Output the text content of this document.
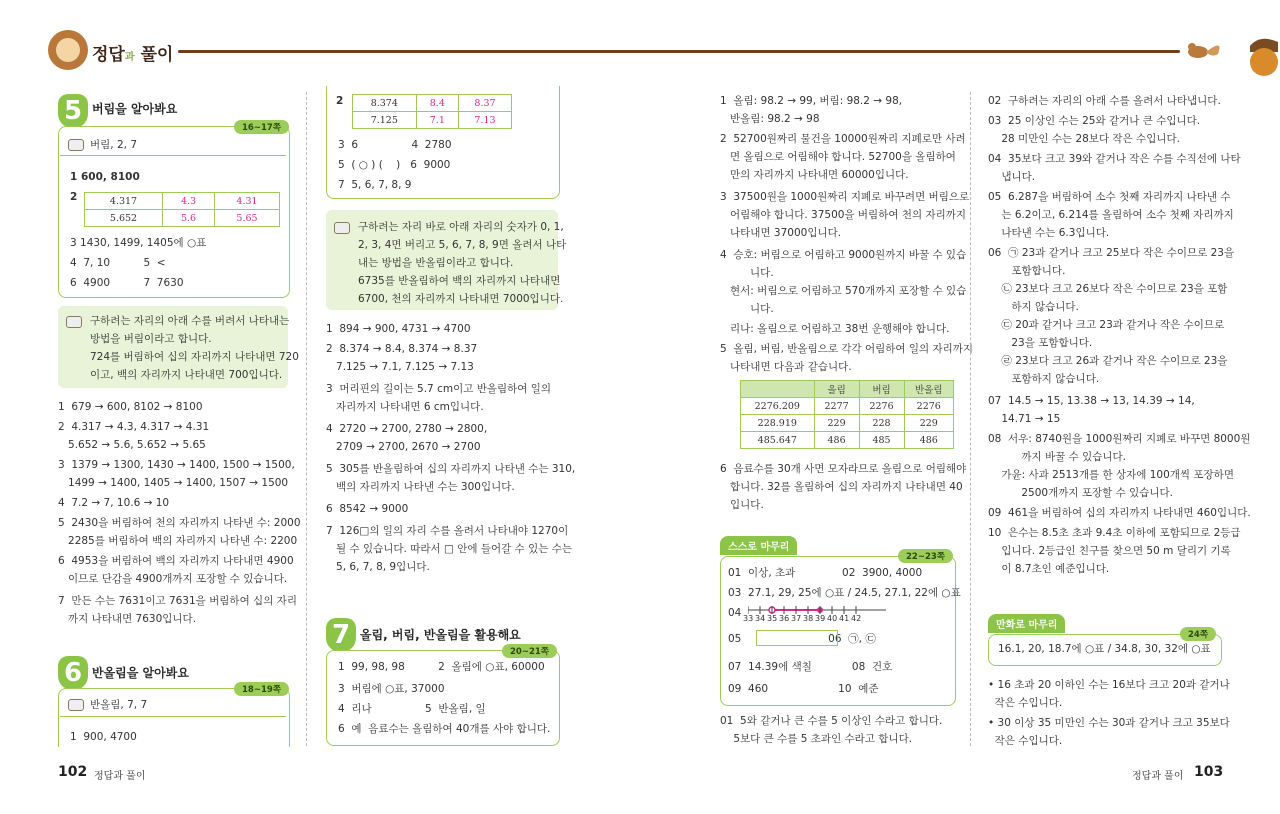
정답과 풀이
5 버림을 알아봐요
16~17쪽
버림, 2, 7
1 600, 8100
2	4.317	4.3	4.31
5.652	5.6	5.65
3 1430, 1499, 1405에 ○표
4  7, 10          5  <
6  4900          7  7630
구하려는 자리의 아래 수를 버려서 나타내는
방법을 버림이라고 합니다.
724를 버림하여 십의 자리까지 나타내면 720
이고, 백의 자리까지 나타내면 700입니다.
1  679 → 600, 8102 → 8100
2  4.317 → 4.3, 4.317 → 4.31
5.652 → 5.6, 5.652 → 5.65
3  1379 → 1300, 1430 → 1400, 1500 → 1500,
1499 → 1400, 1405 → 1400, 1507 → 1500
4  7.2 → 7, 10.6 → 10
5  2430을 버림하여 천의 자리까지 나타낸 수: 2000
2285를 버림하여 백의 자리까지 나타낸 수: 2200
6  4953을 버림하여 백의 자리까지 나타내면 4900
이므로 단감을 4900개까지 포장할 수 있습니다.
7  만든 수는 7631이고 7631을 버림하여 십의 자리
까지 나타내면 7630입니다.
6 반올림을 알아봐요
18~19쪽
반올림, 7, 7
1  900, 4700
2	8.374	8.4	8.37
7.125	7.1	7.13
3  6                4  2780
5  ( ○ ) (    )   6  9000
7  5, 6, 7, 8, 9
구하려는 자리 바로 아래 자리의 숫자가 0, 1,
2, 3, 4면 버리고 5, 6, 7, 8, 9면 올려서 나타
내는 방법을 반올림이라고 합니다.
6735를 반올림하여 백의 자리까지 나타내면
6700, 천의 자리까지 나타내면 7000입니다.
1  894 → 900, 4731 → 4700
2  8.374 → 8.4, 8.374 → 8.37
7.125 → 7.1, 7.125 → 7.13
3  머리핀의 길이는 5.7 cm이고 반올림하여 일의
자리까지 나타내면 6 cm입니다.
4  2720 → 2700, 2780 → 2800,
2709 → 2700, 2670 → 2700
5  305를 반올림하여 십의 자리까지 나타낸 수는 310,
백의 자리까지 나타낸 수는 300입니다.
6  8542 → 9000
7  126□의 일의 자리 수를 올려서 나타내야 1270이
될 수 있습니다. 따라서 □ 안에 들어갈 수 있는 수는
5, 6, 7, 8, 9입니다.
7 올림, 버림, 반올림을 활용해요
20~21쪽
1  99, 98, 98          2  올림에 ○표, 60000
3  버림에 ○표, 37000
4  리나                5  반올림, 일
6  예  음료수는 올림하여 40개를 사야 합니다.
1  올림: 98.2 → 99, 버림: 98.2 → 98,
반올림: 98.2 → 98
2  52700원짜리 물건을 10000원짜리 지폐로만 사려
면 올림으로 어림해야 합니다. 52700을 올림하여
만의 자리까지 나타내면 60000입니다.
3  37500원을 1000원짜리 지폐로 바꾸려면 버림으로
어림해야 합니다. 37500을 버림하여 천의 자리까지
나타내면 37000입니다.
4  승호: 버림으로 어림하고 9000원까지 바꿀 수 있습
니다.
현서: 버림으로 어림하고 570개까지 포장할 수 있습
니다.
리나: 올림으로 어림하고 38번 운행해야 합니다.
5  올림, 버림, 반올림으로 각각 어림하여 일의 자리까지
나타내면 다음과 같습니다.
	올림	버림	반올림
2276.209	2277	2276	2276
228.919	229	228	229
485.647	486	485	486
6  음료수를 30개 사면 모자라므로 올림으로 어림해야
합니다. 32를 올림하여 십의 자리까지 나타내면 40
입니다.
스스로 마무리
22~23쪽
01  이상, 초과              02  3900, 4000
03  27.1, 29, 25에 ○표 / 24.5, 27.1, 22에 ○표
04 33 34 35 36 37 38 39 40 41 42
05                          06  ㉠, ㉢
07  14.39에 색칠            08  건호
09  460                     10  예준
01  5와 같거나 큰 수를 5 이상인 수라고 합니다.
5보다 큰 수를 5 초과인 수라고 합니다.
02  구하려는 자리의 아래 수를 올려서 나타냅니다.
03  25 이상인 수는 25와 같거나 큰 수입니다.
28 미만인 수는 28보다 작은 수입니다.
04  35보다 크고 39와 같거나 작은 수를 수직선에 나타
냅니다.
05  6.287을 버림하여 소수 첫째 자리까지 나타낸 수
는 6.2이고, 6.214를 올림하여 소수 첫째 자리까지
나타낸 수는 6.3입니다.
06  ㉠ 23과 같거나 크고 25보다 작은 수이므로 23을
포함합니다.
㉡ 23보다 크고 26보다 작은 수이므로 23을 포함
하지 않습니다.
㉢ 20과 같거나 크고 23과 같거나 작은 수이므로
23을 포함합니다.
㉣ 23보다 크고 26과 같거나 작은 수이므로 23을
포함하지 않습니다.
07  14.5 → 15, 13.38 → 13, 14.39 → 14,
14.71 → 15
08  서우: 8740원을 1000원짜리 지폐로 바꾸면 8000원
까지 바꿀 수 있습니다.
가윤: 사과 2513개를 한 상자에 100개씩 포장하면
2500개까지 포장할 수 있습니다.
09  461을 버림하여 십의 자리까지 나타내면 460입니다.
10  은수는 8.5초 초과 9.4초 이하에 포함되므로 2등급
입니다. 2등급인 친구를 찾으면 50 m 달리기 기록
이 8.7초인 예준입니다.
만화로 마무리
24쪽
16.1, 20, 18.7에 ○표 / 34.8, 30, 32에 ○표
• 16 초과 20 이하인 수는 16보다 크고 20과 같거나
작은 수입니다.
• 30 이상 35 미만인 수는 30과 같거나 크고 35보다
작은 수입니다.
102 정답과 풀이	정답과 풀이 103
